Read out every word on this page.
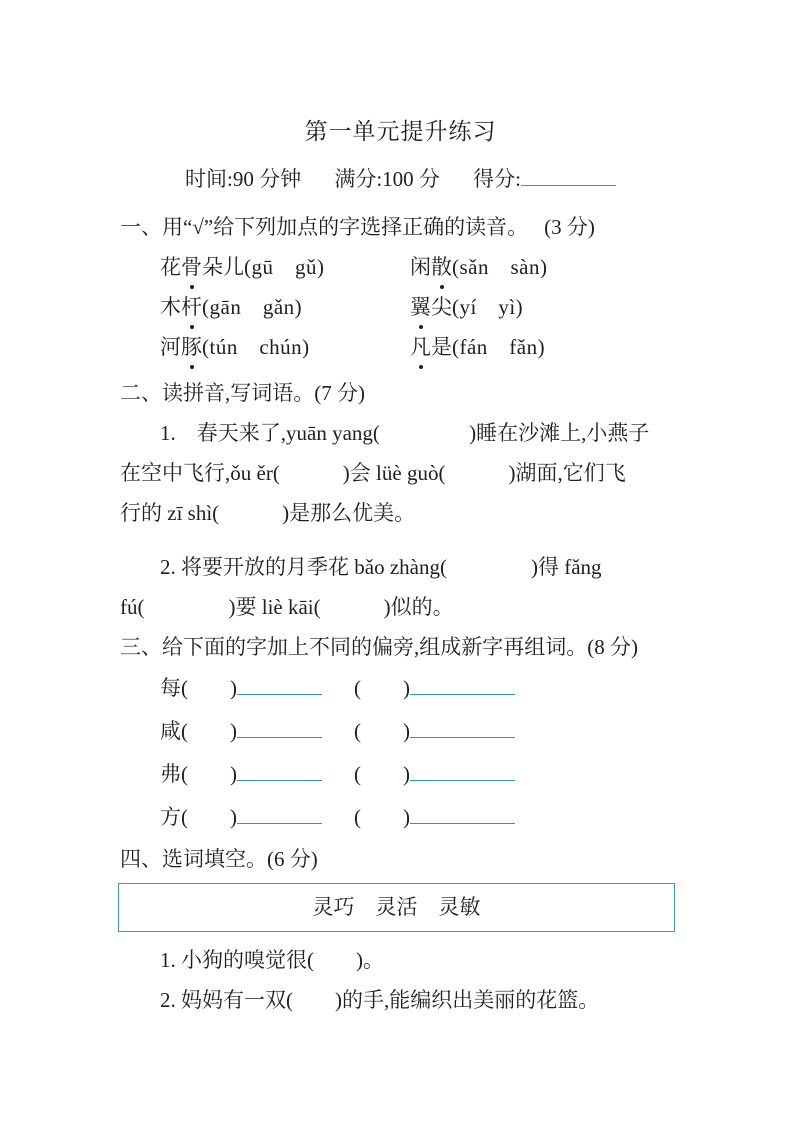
第一单元提升练习
时间:90 分钟 满分:100 分 得分:
一、用“√”给下列加点的字选择正确的读音。 (3 分)
花骨朵儿(gū　gǔ)	闲散(sǎn　sàn)
木杆(gān　gǎn)	翼尖(yí　yì)
河豚(tún　chún)	凡是(fán　fǎn)
二、读拼音,写词语。(7 分)
1.　春天来了,yuān yang(　　　　 )睡在沙滩上,小燕子
在空中飞行,ǒu ěr(　　　)会 lüè guò(　　　)湖面,它们飞
行的 zī shì(　　　)是那么优美。
2. 将要开放的月季花 bǎo zhàng(　　　　)得 fǎng
fú(　　　　)要 liè kāi(　　　)似的。
三、给下面的字加上不同的偏旁,组成新字再组词。(8 分)
每(　　)	(　　)
咸(　　)	(　　)
弗(　　)	(　　)
方(　　)	(　　)
四、选词填空。(6 分)
灵巧　灵活　灵敏
1. 小狗的嗅觉很(　　)。
2. 妈妈有一双(　　)的手,能编织出美丽的花篮。
